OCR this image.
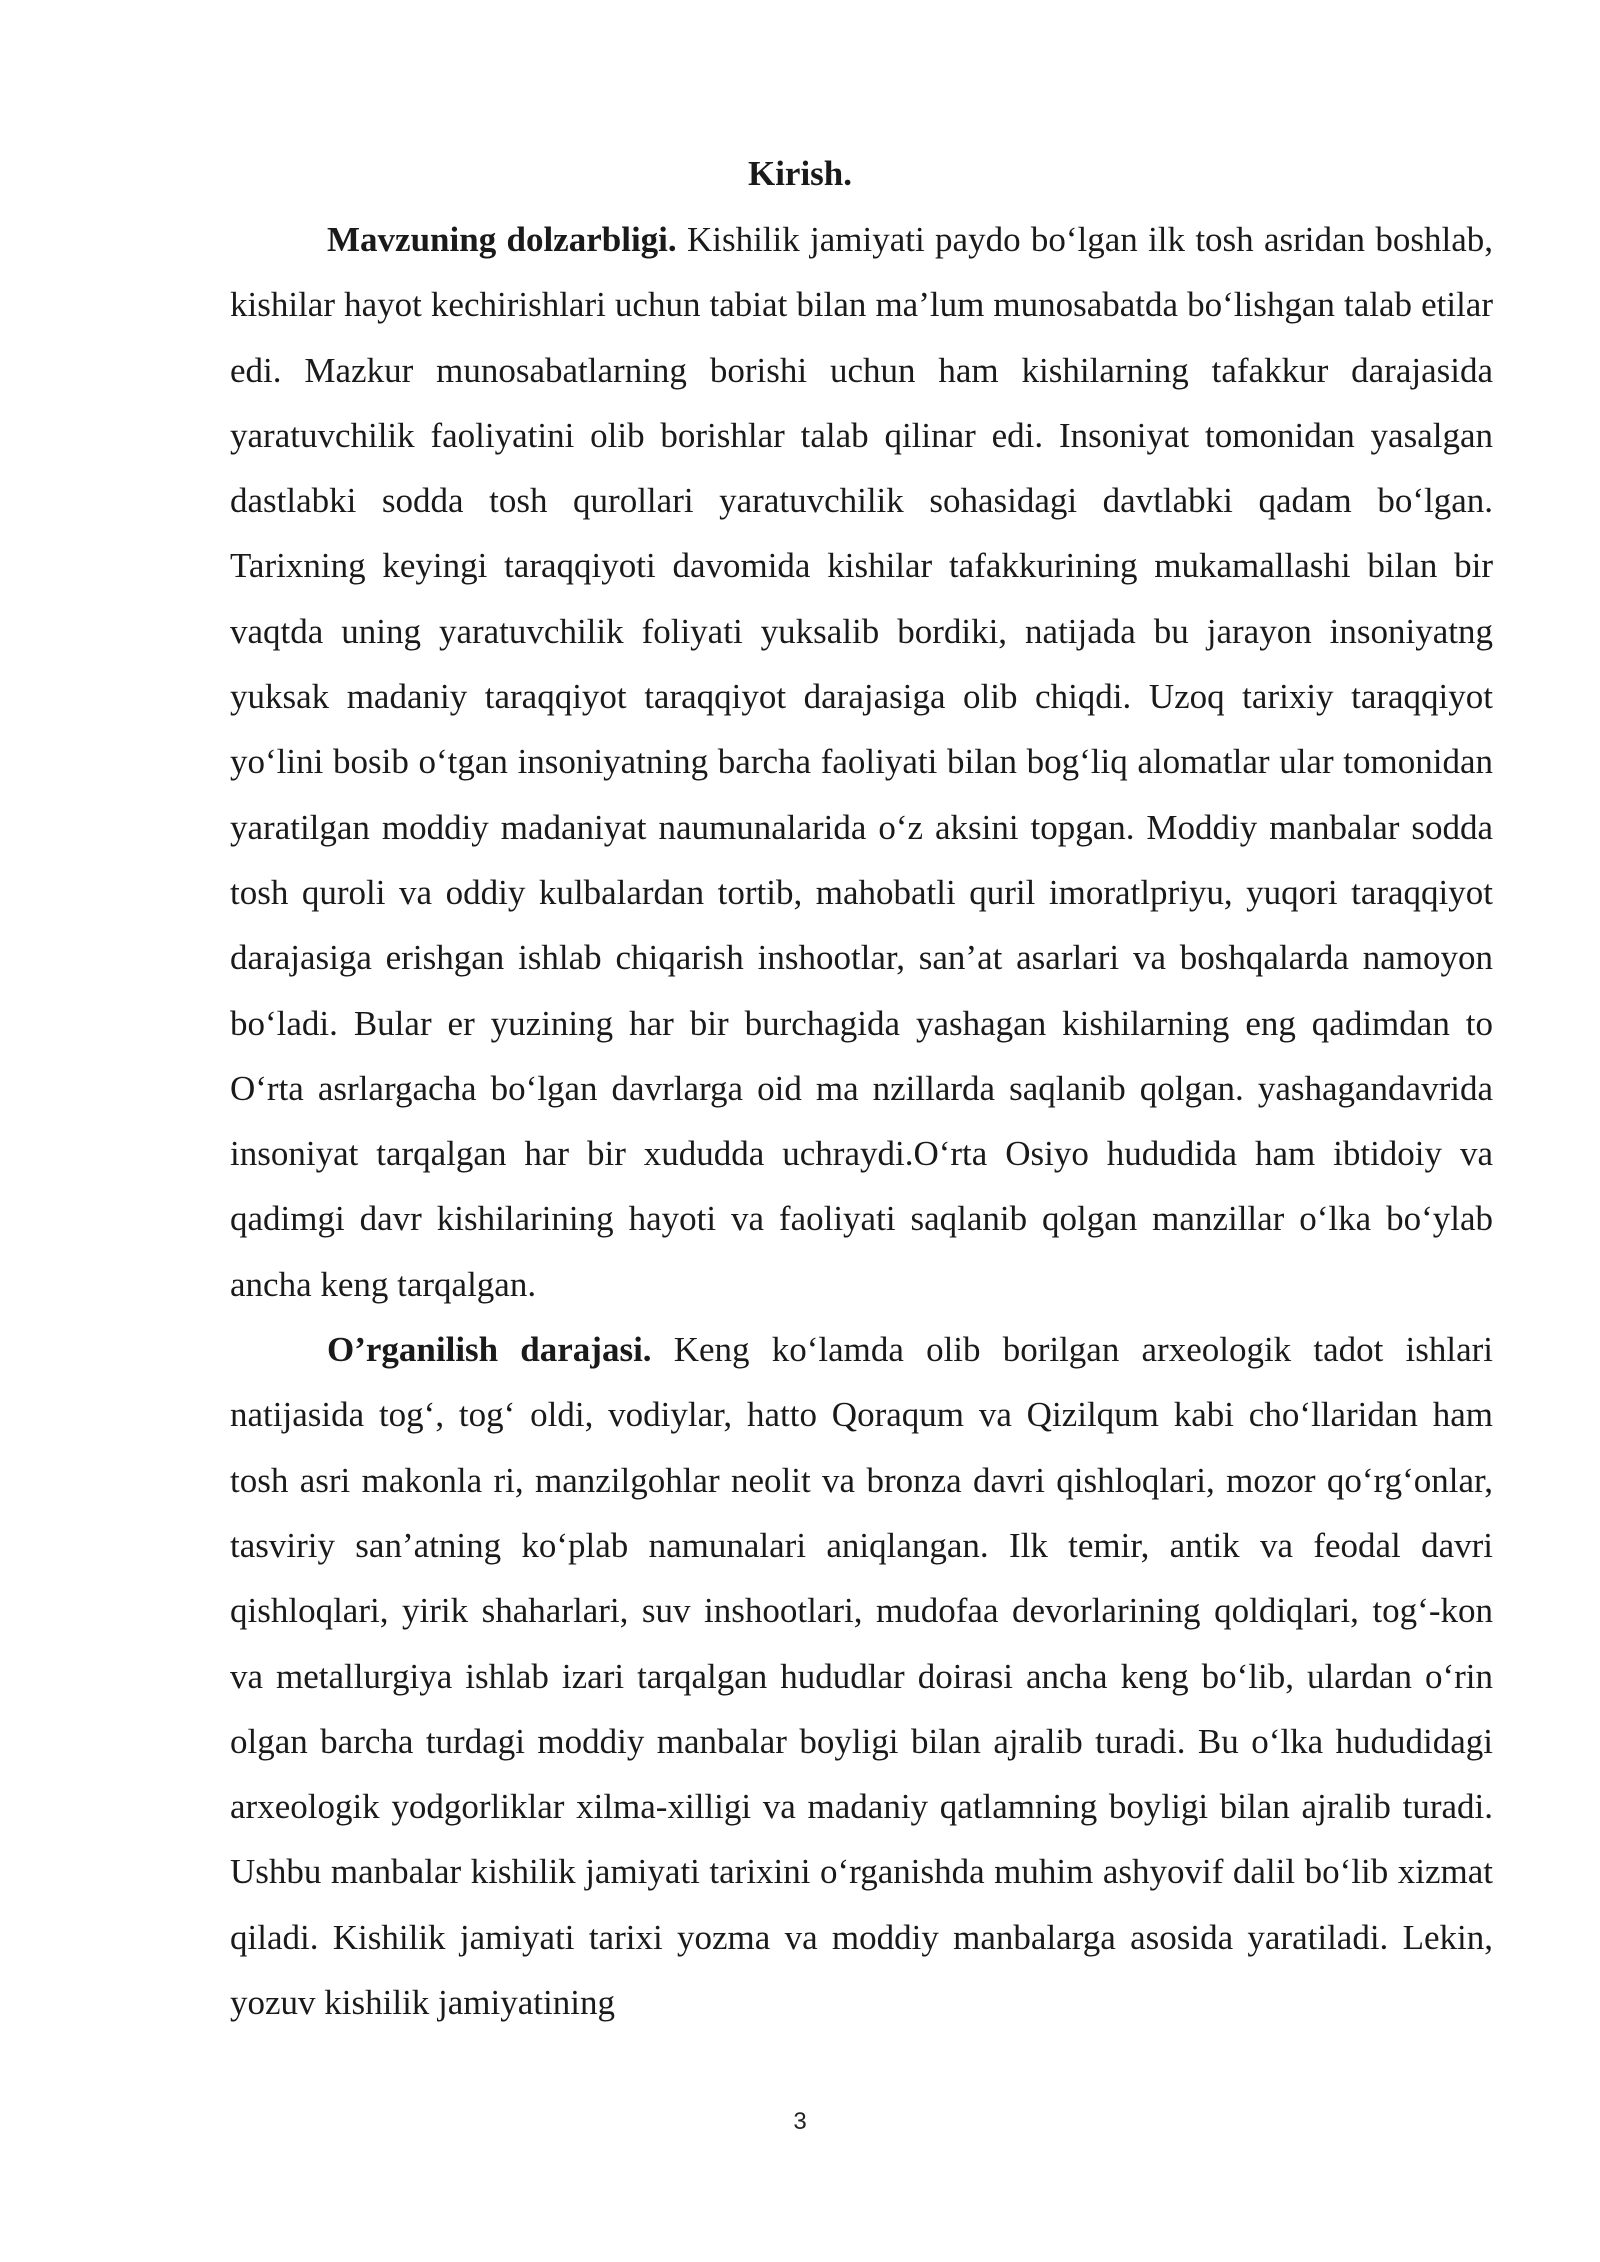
Kirish.

Mavzuning dolzarbligi. Kishilik jamiyati paydo bo‘lgan ilk tosh asridan boshlab, kishilar hayot kechirishlari uchun tabiat bilan ma’lum munosabatda bo‘lishgan talab etilar edi. Mazkur munosabatlarning borishi uchun ham kishilarning tafakkur darajasida yaratuvchilik faoliyatini olib borishlar talab qilinar edi. Insoniyat tomonidan yasalgan dastlabki sodda tosh qurollari yaratuvchilik sohasidagi davtlabki qadam bo‘lgan. Tarixning keyingi taraqqiyoti davomida kishilar tafakkurining mukamallashi bilan bir vaqtda uning yaratuvchilik foliyati yuksalib bordiki, natijada bu jarayon insoniyatng yuksak madaniy taraqqiyot taraqqiyot darajasiga olib chiqdi. Uzoq tarixiy taraqqiyot yo‘lini bosib o‘tgan insoniyatning barcha faoliyati bilan bog‘liq alomatlar ular tomonidan yaratilgan moddiy madaniyat naumunalarida o‘z aksini topgan. Moddiy manbalar sodda tosh quroli va oddiy kulbalardan tortib, mahobatli quril imoratlpriyu, yuqori taraqqiyot darajasiga erishgan ishlab chiqarish inshootlar, san’at asarlari va boshqalarda namoyon bo‘ladi. Bular er yuzining har bir burchagida yashagan kishilarning eng qadimdan to O‘rta asrlargacha bo‘lgan davrlarga oid ma nzillarda saqlanib qolgan. yashagandavrida insoniyat tarqalgan har bir xududda uchraydi.O‘rta Osiyo hududida ham ibtidoiy va qadimgi davr kishilarining hayoti va faoliyati saqlanib qolgan manzillar o‘lka bo‘ylab ancha keng tarqalgan.

O’rganilish darajasi. Keng ko‘lamda olib borilgan arxeologik tadot ishlari natijasida tog‘, tog‘ oldi, vodiylar, hatto Qoraqum va Qizilqum kabi cho‘llaridan ham tosh asri makonla ri, manzilgohlar neolit va bronza davri qishloqlari, mozor qo‘rg‘onlar, tasviriy san’atning ko‘plab namunalari aniqlangan. Ilk temir, antik va feodal davri qishloqlari, yirik shaharlari, suv inshootlari, mudofaa devorlarining qoldiqlari, tog‘-kon va metallurgiya ishlab izari tarqalgan hududlar doirasi ancha keng bo‘lib, ulardan o‘rin olgan barcha turdagi moddiy manbalar boyligi bilan ajralib turadi. Bu o‘lka hududidagi arxeologik yodgorliklar xilma-xilligi va madaniy qatlamning boyligi bilan ajralib turadi. Ushbu manbalar kishilik jamiyati tarixini o‘rganishda muhim ashyovif dalil bo‘lib xizmat qiladi. Kishilik jamiyati tarixi yozma va moddiy manbalarga asosida yaratiladi. Lekin, yozuv kishilik jamiyatining

3
